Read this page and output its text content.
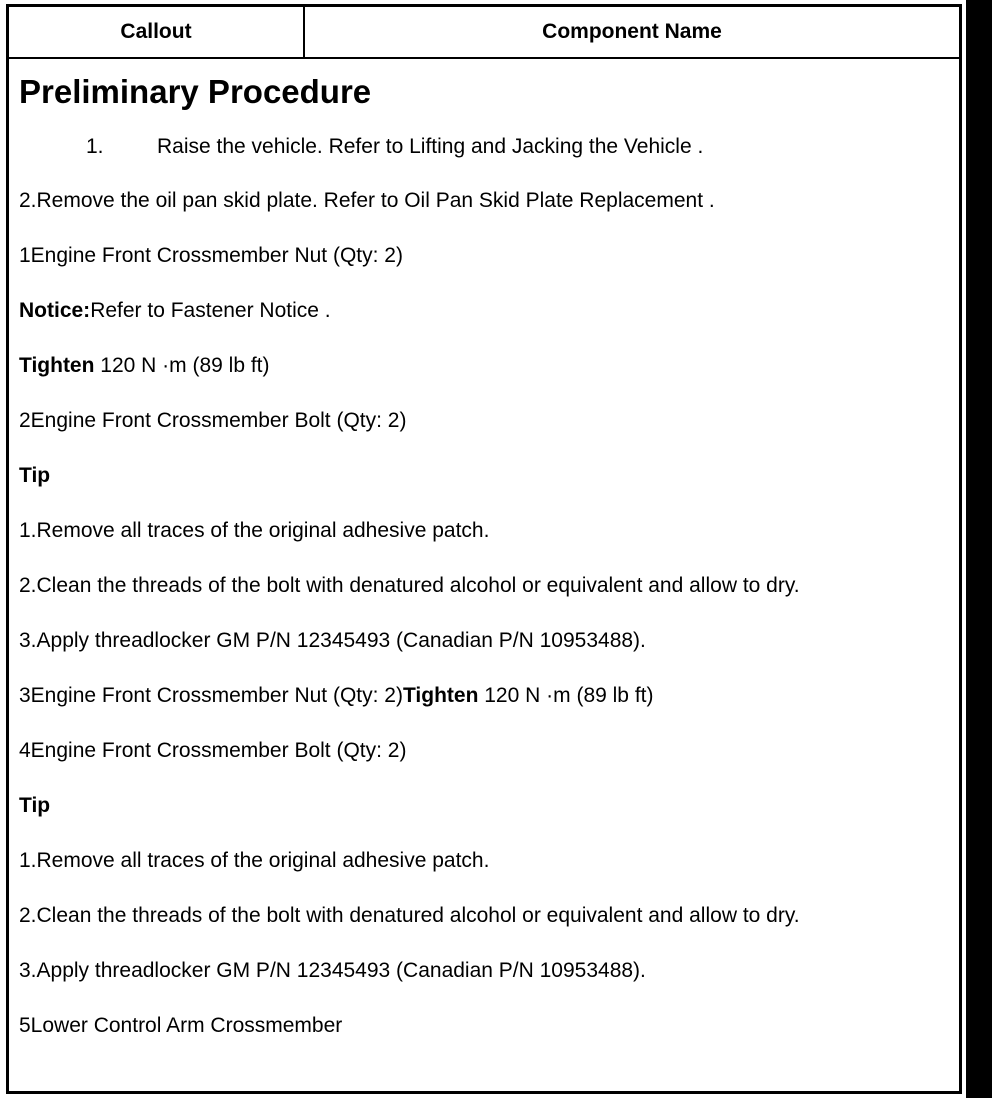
Callout	Component Name
Preliminary Procedure
1.	Raise the vehicle. Refer to Lifting and Jacking the Vehicle .
2.Remove the oil pan skid plate. Refer to Oil Pan Skid Plate Replacement .
1Engine Front Crossmember Nut (Qty: 2)
Notice:Refer to Fastener Notice .
Tighten 120 N ·m (89 lb ft)
2Engine Front Crossmember Bolt (Qty: 2)
Tip
1.Remove all traces of the original adhesive patch.
2.Clean the threads of the bolt with denatured alcohol or equivalent and allow to dry.
3.Apply threadlocker GM P/N 12345493 (Canadian P/N 10953488).
3Engine Front Crossmember Nut (Qty: 2)Tighten 120 N ·m (89 lb ft)
4Engine Front Crossmember Bolt (Qty: 2)
Tip
1.Remove all traces of the original adhesive patch.
2.Clean the threads of the bolt with denatured alcohol or equivalent and allow to dry.
3.Apply threadlocker GM P/N 12345493 (Canadian P/N 10953488).
5Lower Control Arm Crossmember
